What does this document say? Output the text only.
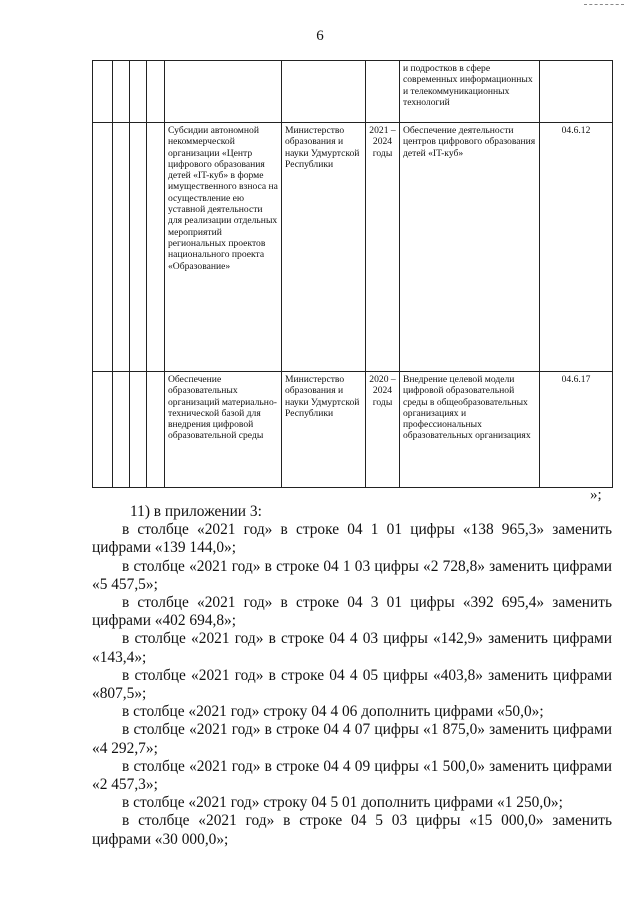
6
							и подростков в сфере современных информационных и телекоммуникационных технологий	
				Субсидии автономной некоммерческой организации «Центр цифрового образования детей «IT-куб» в форме имущественного взноса на осуществление ею уставной деятельности для реализации отдельных мероприятий региональных проектов национального проекта «Образование»	Министерство образования и науки Удмуртской Республики	2021 – 2024 годы	Обеспечение деятельности центров цифрового образования детей «IT-куб»	04.6.12
				Обеспечение образовательных организаций материально-технической базой для внедрения цифровой образовательной среды	Министерство образования и науки Удмуртской Республики	2020 – 2024 годы	Внедрение целевой модели цифровой образовательной среды в общеобразовательных организациях и профессиональных образовательных организациях	04.6.17
»;

11) в приложении 3:

в столбце «2021 год» в строке 04 1 01 цифры «138 965,3» заменить цифрами «139 144,0»;

в столбце «2021 год» в строке 04 1 03 цифры «2 728,8» заменить цифрами «5 457,5»;

в столбце «2021 год» в строке 04 3 01 цифры «392 695,4» заменить цифрами «402 694,8»;

в столбце «2021 год» в строке 04 4 03 цифры «142,9» заменить цифрами «143,4»;

в столбце «2021 год» в строке 04 4 05 цифры «403,8» заменить цифрами «807,5»;

в столбце «2021 год» строку 04 4 06 дополнить цифрами «50,0»;

в столбце «2021 год» в строке 04 4 07 цифры «1 875,0» заменить цифрами «4 292,7»;

в столбце «2021 год» в строке 04 4 09 цифры «1 500,0» заменить цифрами «2 457,3»;

в столбце «2021 год» строку 04 5 01 дополнить цифрами «1 250,0»;

в столбце «2021 год» в строке 04 5 03 цифры «15 000,0» заменить цифрами «30 000,0»;
